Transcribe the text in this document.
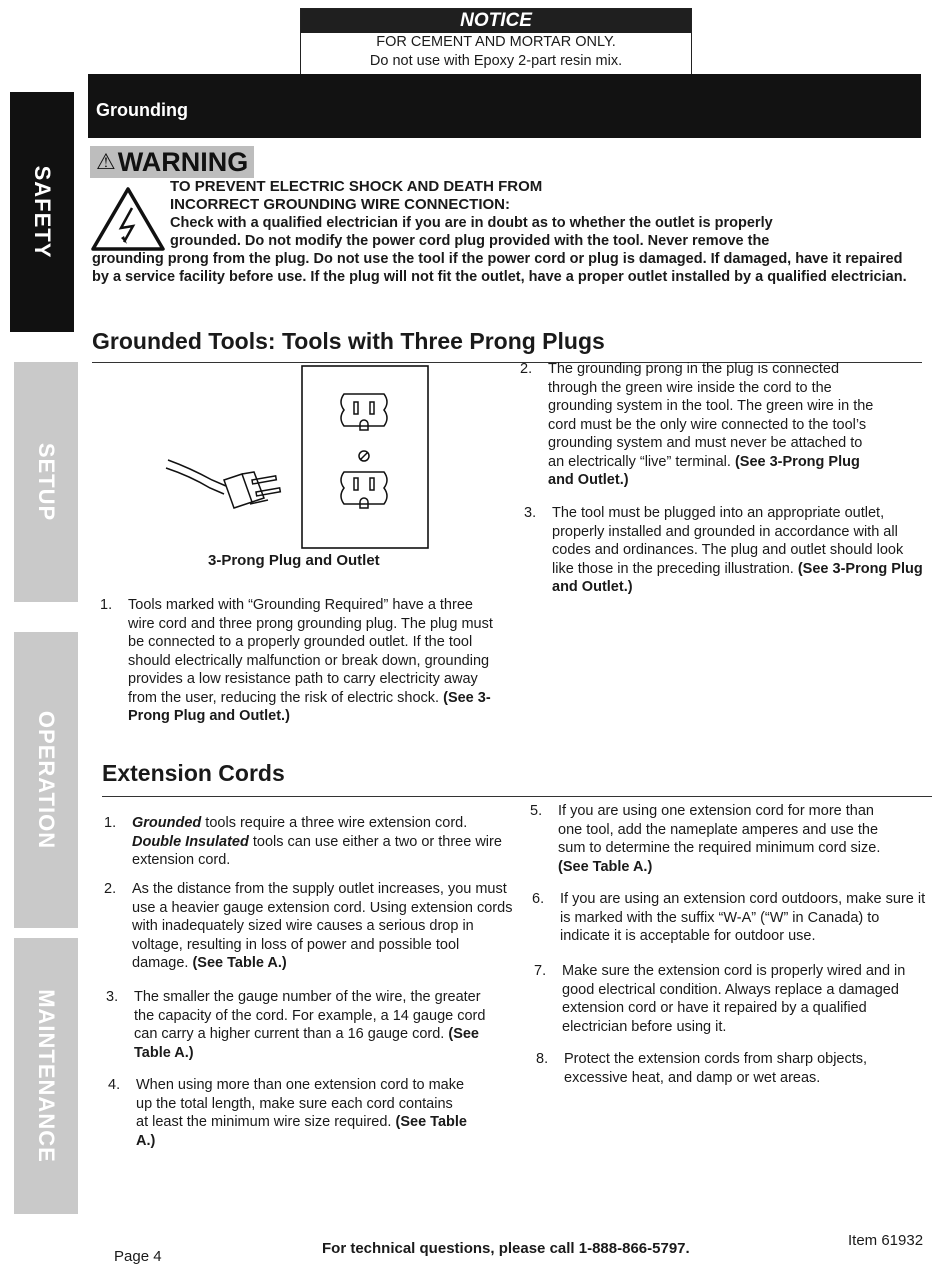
NOTICE
FOR CEMENT AND MORTAR ONLY.
Do not use with Epoxy 2-part resin mix.
SAFETY
SETUP
OPERATION
MAINTENANCE
Grounding
⚠ WARNING
TO PREVENT ELECTRIC SHOCK AND DEATH FROM
INCORRECT GROUNDING WIRE CONNECTION:
Check with a qualified electrician if you are in doubt as to whether the outlet is properly
grounded. Do not modify the power cord plug provided with the tool. Never remove the
grounding prong from the plug. Do not use the tool if the power cord or plug is damaged. If damaged, have it repaired by a service facility before use. If the plug will not fit the outlet, have a proper outlet installed by a qualified electrician.
Grounded Tools: Tools with Three Prong Plugs
3-Prong Plug and Outlet
1. Tools marked with “Grounding Required” have a three wire cord and three prong grounding plug. The plug must be connected to a properly grounded outlet. If the tool should electrically malfunction or break down, grounding provides a low resistance path to carry electricity away from the user, reducing the risk of electric shock. (See 3-Prong Plug and Outlet.)
2. The grounding prong in the plug is connected through the green wire inside the cord to the grounding system in the tool. The green wire in the cord must be the only wire connected to the tool’s grounding system and must never be attached to an electrically “live” terminal. (See 3-Prong Plug and Outlet.)
3. The tool must be plugged into an appropriate outlet, properly installed and grounded in accordance with all codes and ordinances. The plug and outlet should look like those in the preceding illustration. (See 3-Prong Plug and Outlet.)
Extension Cords
1. Grounded tools require a three wire extension cord.
Double Insulated tools can use either a two or three wire extension cord.
2. As the distance from the supply outlet increases, you must use a heavier gauge extension cord. Using extension cords with inadequately sized wire causes a serious drop in voltage, resulting in loss of power and possible tool damage. (See Table A.)
3. The smaller the gauge number of the wire, the greater the capacity of the cord. For example, a 14 gauge cord can carry a higher current than a 16 gauge cord. (See Table A.)
4. When using more than one extension cord to make up the total length, make sure each cord contains at least the minimum wire size required. (See Table A.)
5. If you are using one extension cord for more than one tool, add the nameplate amperes and use the sum to determine the required minimum cord size. (See Table A.)
6. If you are using an extension cord outdoors, make sure it is marked with the suffix “W-A” (“W” in Canada) to indicate it is acceptable for outdoor use.
7. Make sure the extension cord is properly wired and in good electrical condition. Always replace a damaged extension cord or have it repaired by a qualified electrician before using it.
8. Protect the extension cords from sharp objects, excessive heat, and damp or wet areas.
Page 4	For technical questions, please call 1-888-866-5797.	Item 61932
